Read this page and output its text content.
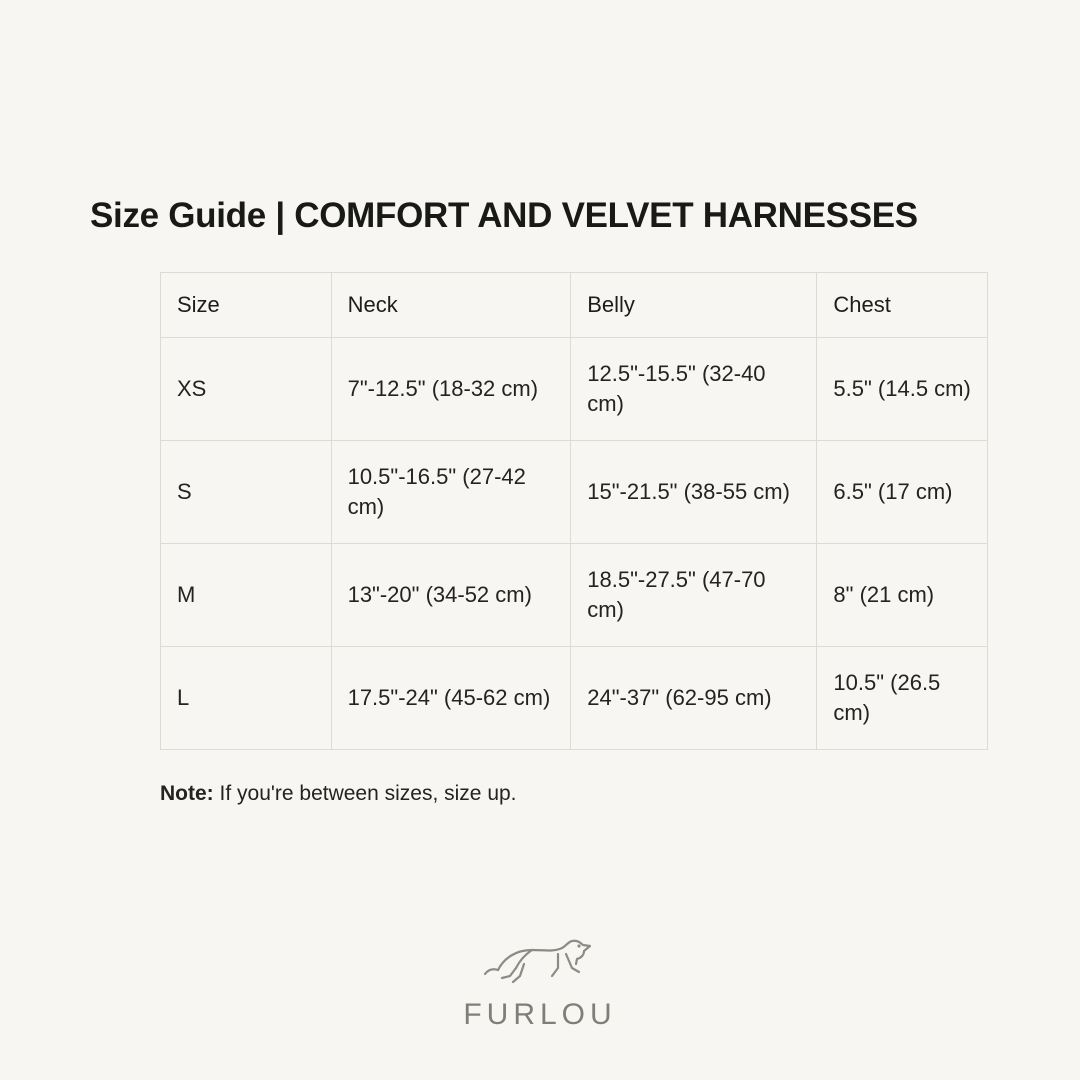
Size Guide | COMFORT AND VELVET HARNESSES
Size	Neck	Belly	Chest
XS	7"-12.5" (18-32 cm)	12.5"-15.5" (32-40 cm)	5.5" (14.5 cm)
S	10.5"-16.5" (27-42 cm)	15"-21.5" (38-55 cm)	6.5" (17 cm)
M	13"-20" (34-52 cm)	18.5"-27.5" (47-70 cm)	8" (21 cm)
L	17.5"-24" (45-62 cm)	24"-37" (62-95 cm)	10.5" (26.5 cm)
Note: If you're between sizes, size up.
FURLOU
